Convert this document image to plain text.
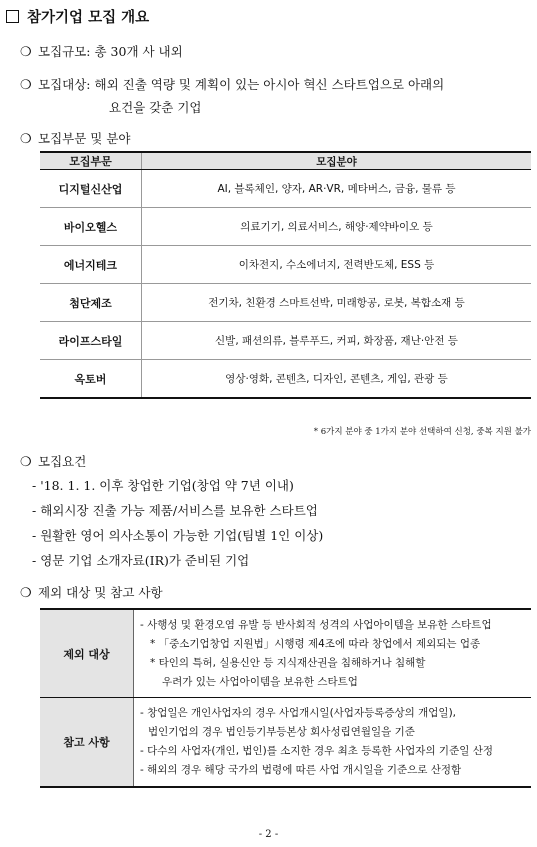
참가기업 모집 개요
❍ 모집규모: 총 30개 사 내외
❍ 모집대상: 해외 진출 역량 및 계획이 있는 아시아 혁신 스타트업으로 아래의
요건을 갖춘 기업
❍ 모집부문 및 분야
모집부문	모집분야
디지털신산업	AI, 블록체인, 양자, AR·VR, 메타버스, 금융, 물류 등
바이오헬스	의료기기, 의료서비스, 해양·제약바이오 등
에너지테크	이차전지, 수소에너지, 전력반도체, ESS 등
첨단제조	전기차, 친환경 스마트선박, 미래항공, 로봇, 복합소재 등
라이프스타일	신발, 패션의류, 블루푸드, 커피, 화장품, 재난·안전 등
옥토버	영상·영화, 콘텐츠, 디자인, 콘텐츠, 게임, 관광 등
* 6가지 분야 중 1가지 분야 선택하여 신청, 중복 지원 불가
❍ 모집요건
- '18. 1. 1. 이후 창업한 기업(창업 약 7년 이내)
- 해외시장 진출 가능 제품/서비스를 보유한 스타트업
- 원활한 영어 의사소통이 가능한 기업(팀별 1인 이상)
- 영문 기업 소개자료(IR)가 준비된 기업
❍ 제외 대상 및 참고 사항
제외 대상	- 사행성 및 환경오염 유발 등 반사회적 성격의 사업아이템을 보유한 스타트업
* 「중소기업창업 지원법」시행령 제4조에 따라 창업에서 제외되는 업종
* 타인의 특허, 실용신안 등 지식재산권을 침해하거나 침해할
우려가 있는 사업아이템을 보유한 스타트업

참고 사항	- 창업일은 개인사업자의 경우 사업개시일(사업자등록증상의 개업일),
법인기업의 경우 법인등기부등본상 회사성립연월일을 기준
- 다수의 사업자(개인, 법인)를 소지한 경우 최초 등록한 사업자의 기준일 산정
- 해외의 경우 해당 국가의 법령에 따른 사업 개시일을 기준으로 산정함
- 2 -
